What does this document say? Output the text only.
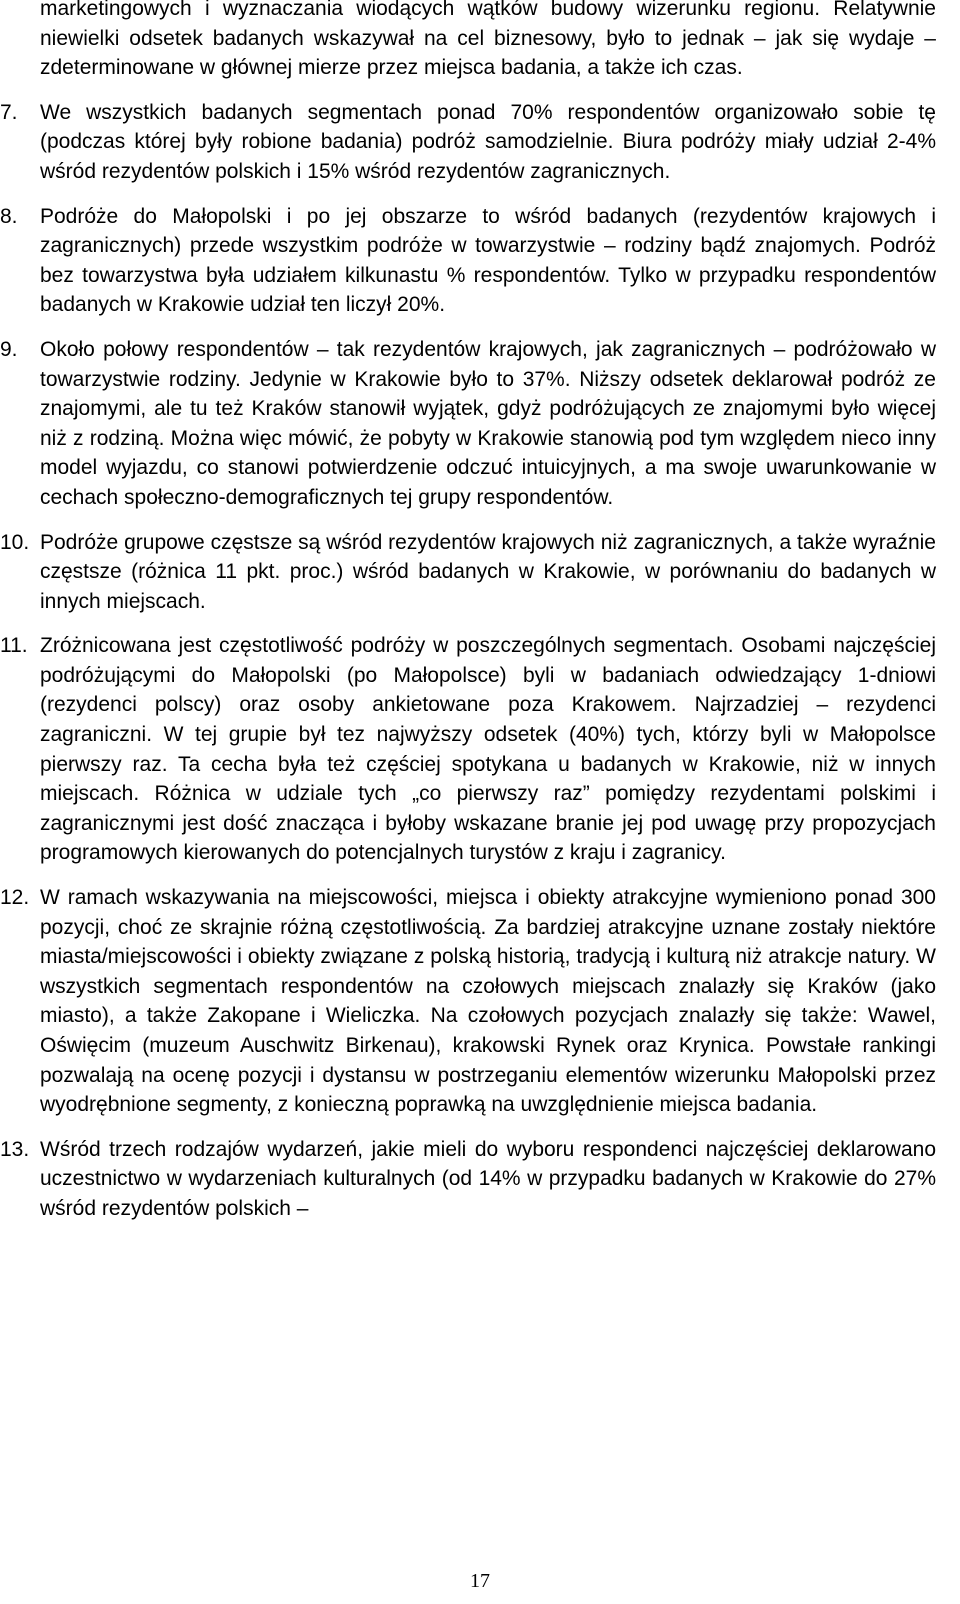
marketingowych i wyznaczania wiodących wątków budowy wizerunku regionu. Relatywnie niewielki odsetek badanych wskazywał na cel biznesowy, było to jednak – jak się wydaje – zdeterminowane w głównej mierze przez miejsca badania, a także ich czas.

7. We wszystkich badanych segmentach ponad 70% respondentów organizowało sobie tę (podczas której były robione badania) podróż samodzielnie. Biura podróży miały udział 2-4% wśród rezydentów polskich i 15% wśród rezydentów zagranicznych.

8. Podróże do Małopolski i po jej obszarze to wśród badanych (rezydentów krajowych i zagranicznych) przede wszystkim podróże w towarzystwie – rodziny bądź znajomych. Podróż bez towarzystwa była udziałem kilkunastu % respondentów. Tylko w przypadku respondentów badanych w Krakowie udział ten liczył 20%.

9. Około połowy respondentów – tak rezydentów krajowych, jak zagranicznych – podróżowało w towarzystwie rodziny. Jedynie w Krakowie było to 37%. Niższy odsetek deklarował podróż ze znajomymi, ale tu też Kraków stanowił wyjątek, gdyż podróżujących ze znajomymi było więcej niż z rodziną. Można więc mówić, że pobyty w Krakowie stanowią pod tym względem nieco inny model wyjazdu, co stanowi potwierdzenie odczuć intuicyjnych, a ma swoje uwarunkowanie w cechach społeczno-demograficznych tej grupy respondentów.

10. Podróże grupowe częstsze są wśród rezydentów krajowych niż zagranicznych, a także wyraźnie częstsze (różnica 11 pkt. proc.) wśród badanych w Krakowie, w porównaniu do badanych w innych miejscach.

11. Zróżnicowana jest częstotliwość podróży w poszczególnych segmentach. Osobami najczęściej podróżującymi do Małopolski (po Małopolsce) byli w badaniach odwiedzający 1-dniowi (rezydenci polscy) oraz osoby ankietowane poza Krakowem. Najrzadziej – rezydenci zagraniczni. W tej grupie był tez najwyższy odsetek (40%) tych, którzy byli w Małopolsce pierwszy raz. Ta cecha była też częściej spotykana u badanych w Krakowie, niż w innych miejscach. Różnica w udziale tych „co pierwszy raz” pomiędzy rezydentami polskimi i zagranicznymi jest dość znacząca i byłoby wskazane branie jej pod uwagę przy propozycjach programowych kierowanych do potencjalnych turystów z kraju i zagranicy.

12. W ramach wskazywania na miejscowości, miejsca i obiekty atrakcyjne wymieniono ponad 300 pozycji, choć ze skrajnie różną częstotliwością. Za bardziej atrakcyjne uznane zostały niektóre miasta/miejscowości i obiekty związane z polską historią, tradycją i kulturą niż atrakcje natury. W wszystkich segmentach respondentów na czołowych miejscach znalazły się Kraków (jako miasto), a także Zakopane i Wieliczka. Na czołowych pozycjach znalazły się także: Wawel, Oświęcim (muzeum Auschwitz Birkenau), krakowski Rynek oraz Krynica. Powstałe rankingi pozwalają na ocenę pozycji i dystansu w postrzeganiu elementów wizerunku Małopolski przez wyodrębnione segmenty, z konieczną poprawką na uwzględnienie miejsca badania.

13. Wśród trzech rodzajów wydarzeń, jakie mieli do wyboru respondenci najczęściej deklarowano uczestnictwo w wydarzeniach kulturalnych (od 14% w przypadku badanych w Krakowie do 27% wśród rezydentów polskich –

17
